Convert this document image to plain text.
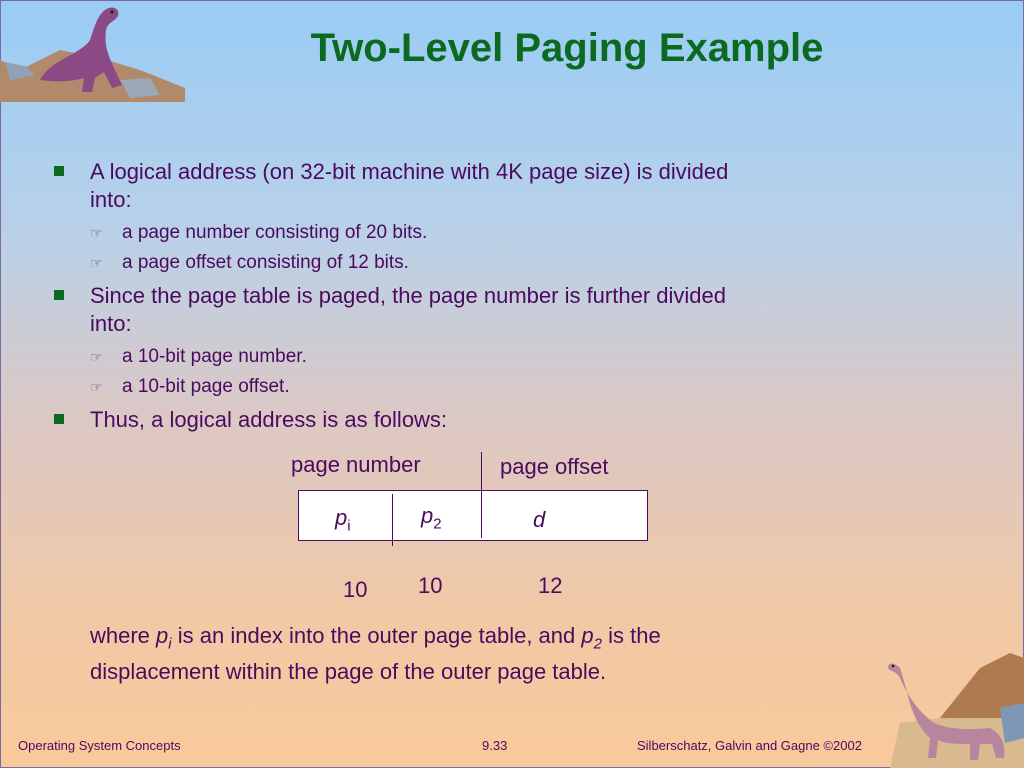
Two-Level Paging Example
A logical address (on 32-bit machine with 4K page size) is divided into:
☞ a page number consisting of 20 bits.
☞ a page offset consisting of 12 bits.
Since the page table is paged, the page number is further divided into:
☞ a 10-bit page number.
☞ a 10-bit page offset.
Thus, a logical address is as follows:
page number	page offset
$p_i$	$p_2$	d
10 10	12
where $p_i$ is an index into the outer page table, and $p_2$ is the displacement within the page of the outer page table.
Operating System Concepts	9.33	Silberschatz, Galvin and Gagne ©2002
